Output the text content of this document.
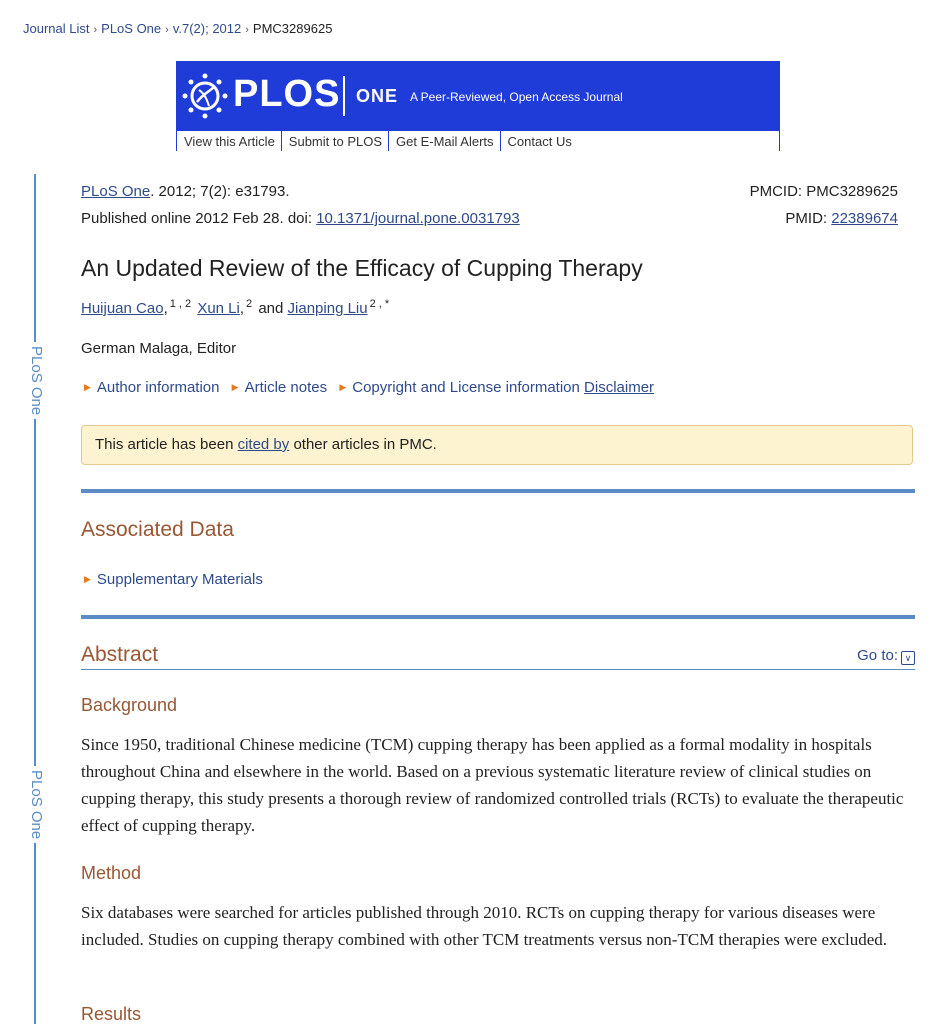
Journal List › PLoS One › v.7(2); 2012 › PMC3289625
PLOS ONE A Peer-Reviewed, Open Access Journal
View this Article	Submit to PLOS	Get E-Mail Alerts	Contact Us
PLoS One
PLoS One
PLoS One. 2012; 7(2): e31793.
Published online 2012 Feb 28. doi: 10.1371/journal.pone.0031793
PMCID: PMC3289625
PMID: 22389674
An Updated Review of the Efficacy of Cupping Therapy
Huijuan Cao, $^{1 , 2}$ Xun Li, $^2$ and Jianping Liu $^{2 , *}$
German Malaga, Editor
▶ Author information ▶ Article notes ▶ Copyright and License information Disclaimer
This article has been cited by other articles in PMC.
Associated Data
▶ Supplementary Materials
Abstract	Go to: ∨
Background
Since 1950, traditional Chinese medicine (TCM) cupping therapy has been applied as a formal modality in hospitals throughout China and elsewhere in the world. Based on a previous systematic literature review of clinical studies on cupping therapy, this study presents a thorough review of randomized controlled trials (RCTs) to evaluate the therapeutic effect of cupping therapy.
Method
Six databases were searched for articles published through 2010. RCTs on cupping therapy for various diseases were included. Studies on cupping therapy combined with other TCM treatments versus non-TCM therapies were excluded.
Results
